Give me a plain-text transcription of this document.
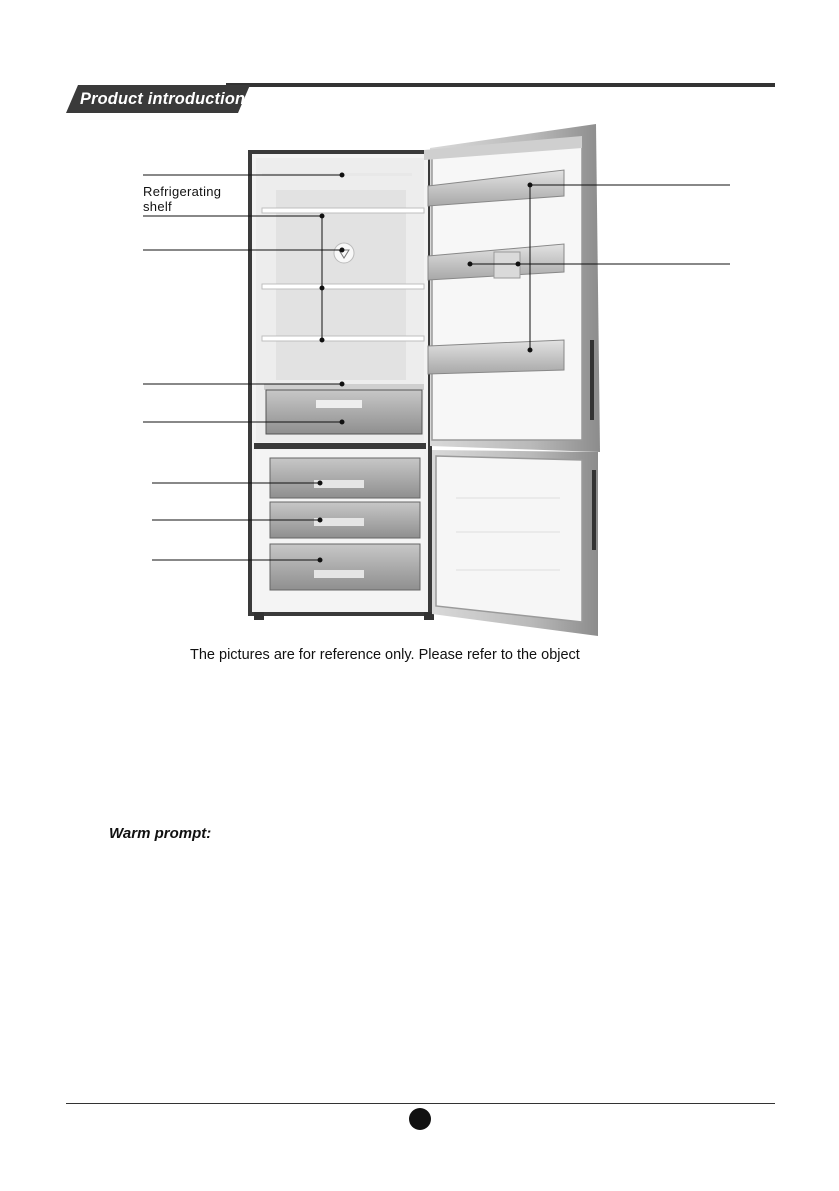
Product introduction
Refrigerating shelf
The pictures are for reference only. Please refer to the object
Warm prompt:
